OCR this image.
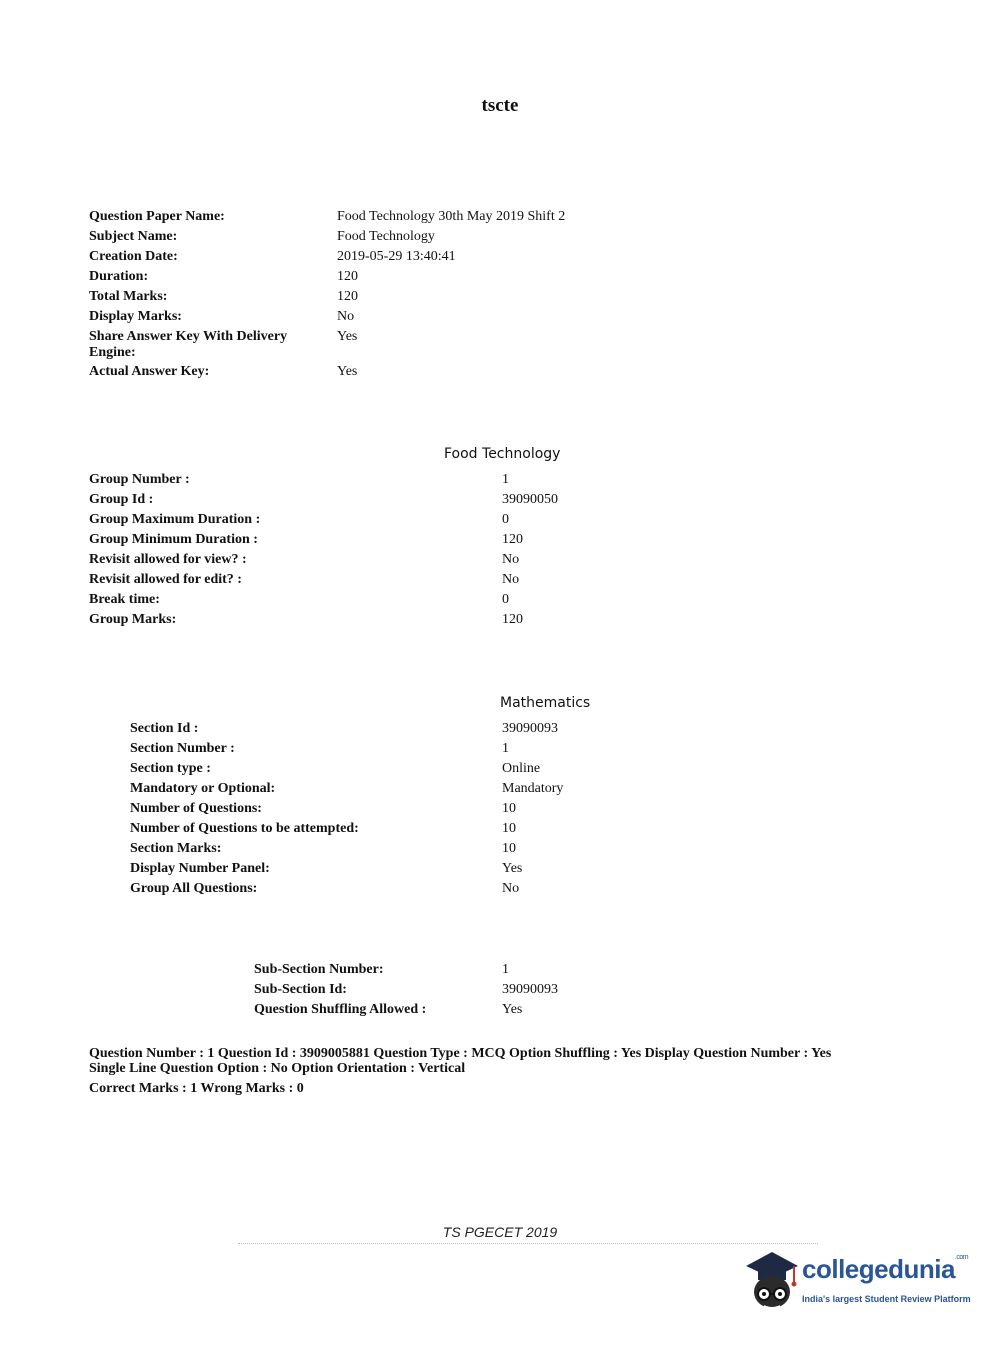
tscte
Question Paper Name:	Food Technology 30th May 2019 Shift 2
Subject Name:	Food Technology
Creation Date:	2019-05-29 13:40:41
Duration:	120
Total Marks:	120
Display Marks:	No
Share Answer Key With Delivery Engine:
Yes
Actual Answer Key:	Yes
Food Technology
Group Number :	1
Group Id :	39090050
Group Maximum Duration :	0
Group Minimum Duration :	120
Revisit allowed for view? :	No
Revisit allowed for edit? :	No
Break time:	0
Group Marks:	120
Mathematics
Section Id :	39090093
Section Number :	1
Section type :	Online
Mandatory or Optional:	Mandatory
Number of Questions:	10
Number of Questions to be attempted:	10
Section Marks:	10
Display Number Panel:	Yes
Group All Questions:	No
Sub-Section Number:	1
Sub-Section Id:	39090093
Question Shuffling Allowed :	Yes
Question Number : 1 Question Id : 3909005881 Question Type : MCQ Option Shuffling : Yes Display Question Number : Yes
Single Line Question Option : No Option Orientation : Vertical
Correct Marks : 1 Wrong Marks : 0
TS PGECET 2019
collegedunia$^{.com}$
India's largest Student Review Platform
